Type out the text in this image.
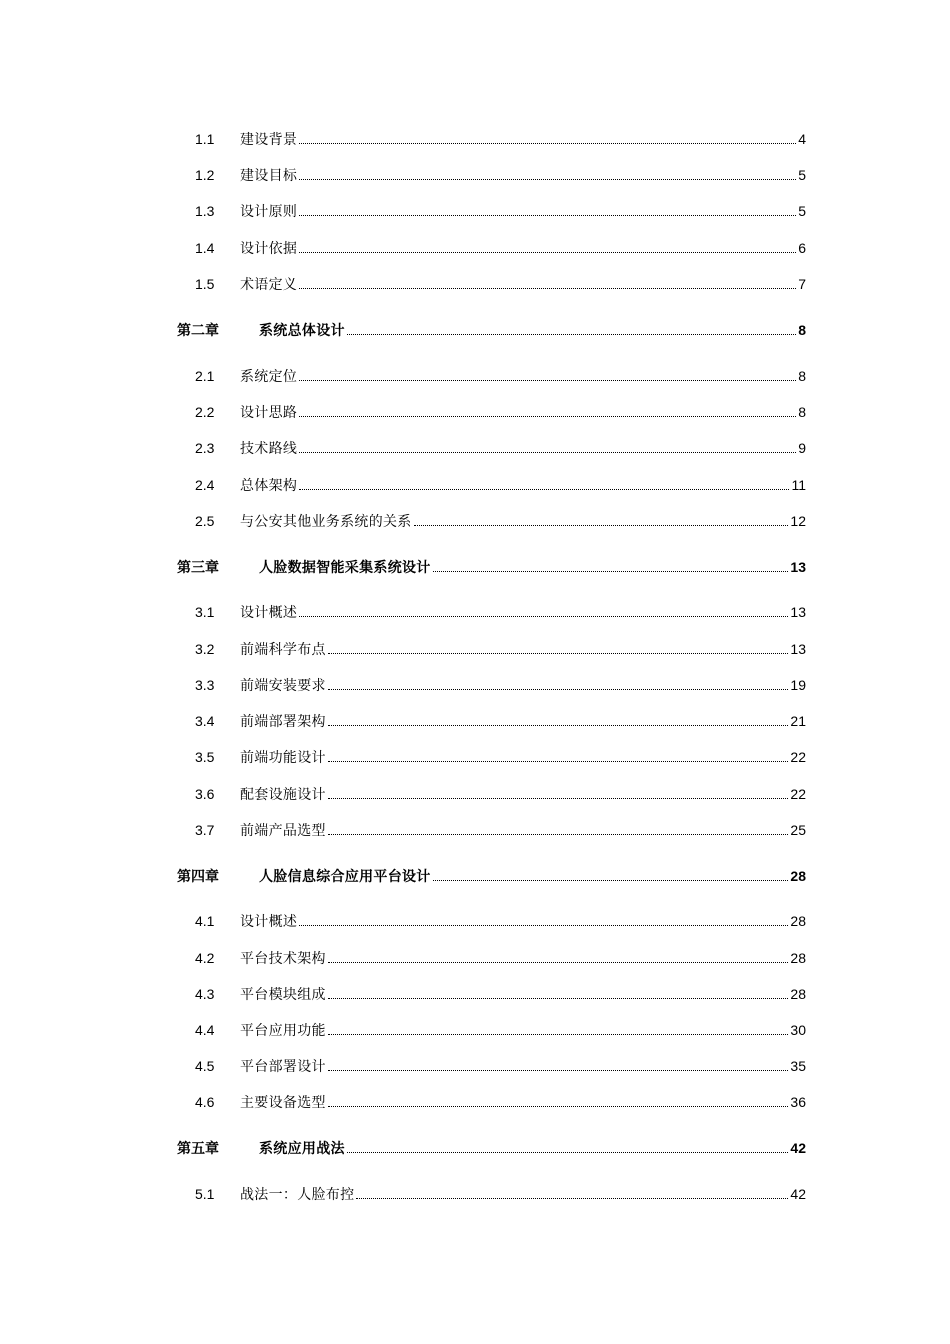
1.1	建设背景	4
1.2	建设目标	5
1.3	设计原则	5
1.4	设计依据	6
1.5	术语定义	7
第二章	系统总体设计	8
2.1	系统定位	8
2.2	设计思路	8
2.3	技术路线	9
2.4	总体架构	11
2.5	与公安其他业务系统的关系	12
第三章	人脸数据智能采集系统设计	13
3.1	设计概述	13
3.2	前端科学布点	13
3.3	前端安装要求	19
3.4	前端部署架构	21
3.5	前端功能设计	22
3.6	配套设施设计	22
3.7	前端产品选型	25
第四章	人脸信息综合应用平台设计	28
4.1	设计概述	28
4.2	平台技术架构	28
4.3	平台模块组成	28
4.4	平台应用功能	30
4.5	平台部署设计	35
4.6	主要设备选型	36
第五章	系统应用战法	42
5.1	战法一：人脸布控	42
